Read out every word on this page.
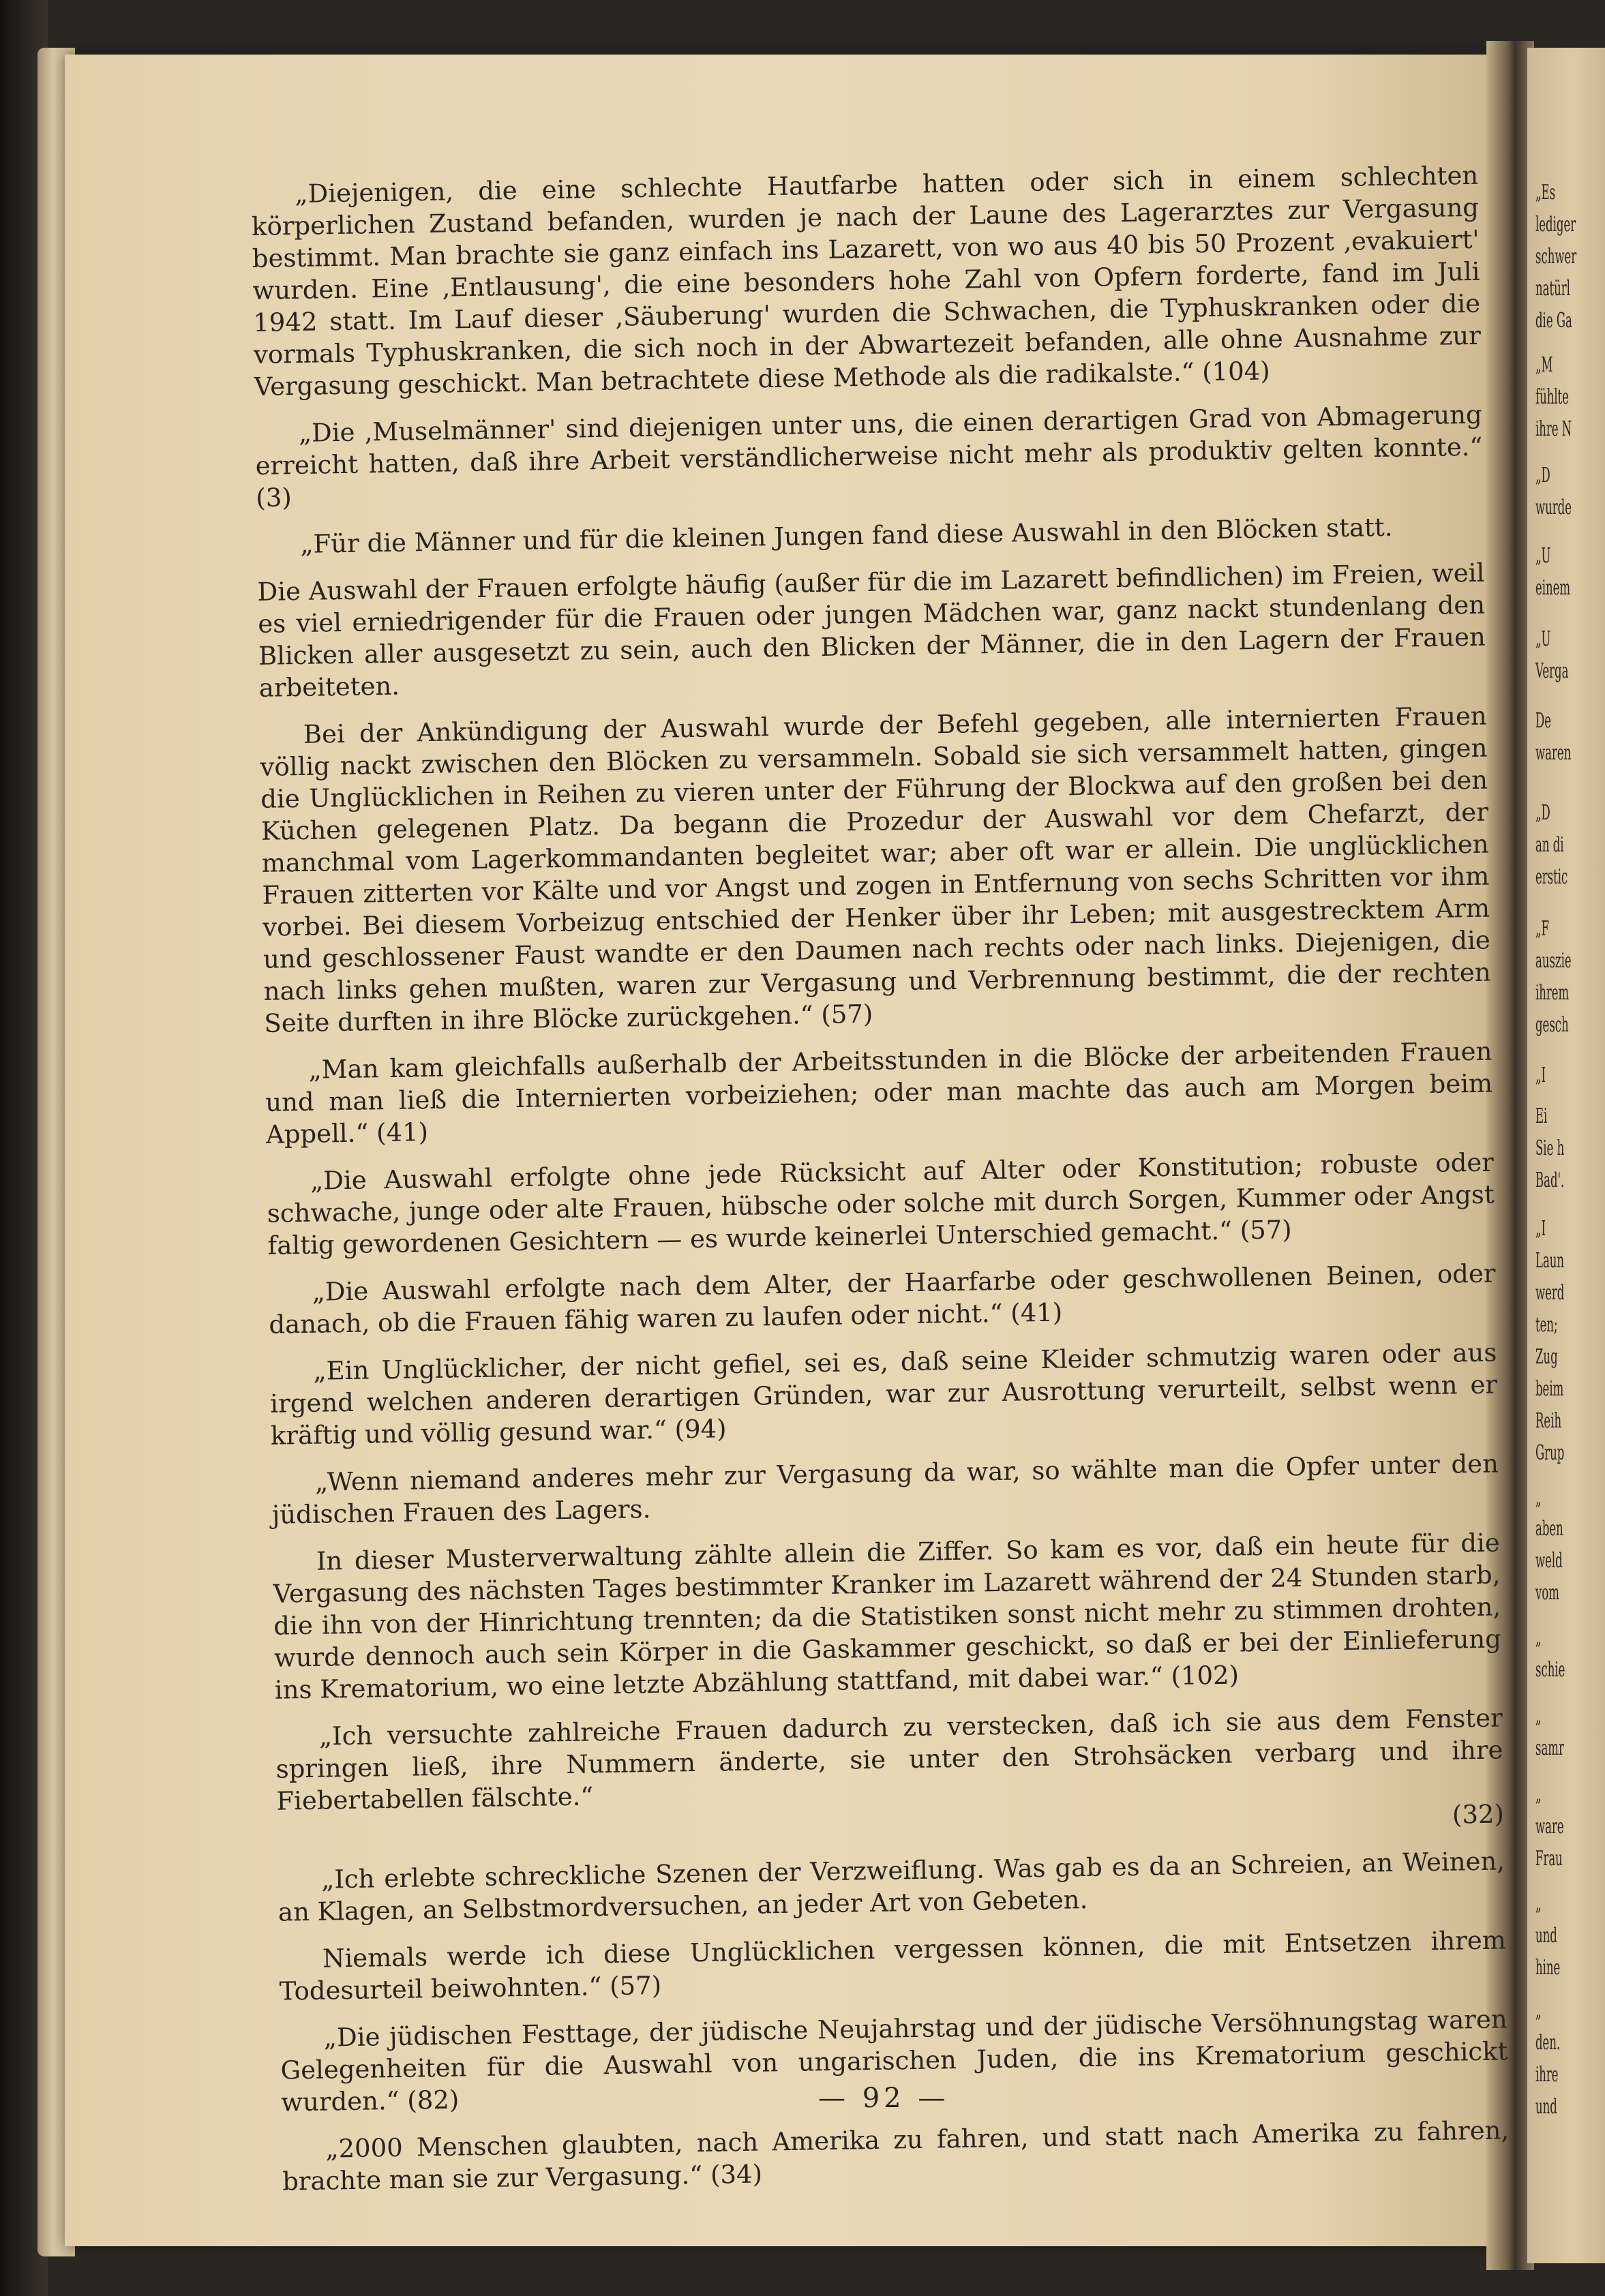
„Es
lediger
schwer
natürl
die Ga
„M
fühlte
ihre N
„D
wurde
„U
einem
„U
Verga
De
waren
„D
an di
erstic
„F
auszie
ihrem
gesch
„I
Ei
Sie h
Bad'.
„I
Laun
werd
ten;
Zug
beim
Reih
Grup
„
aben
weld
vom
„
schie
„
samr
„
ware
Frau
„
und
hine
„
den.
ihre
und

„Diejenigen, die eine schlechte Hautfarbe hatten oder sich in einem schlechten körperlichen Zustand befanden, wurden je nach der Laune des Lagerarztes zur Vergasung bestimmt. Man brachte sie ganz einfach ins Lazarett, von wo aus 40 bis 50 Prozent ‚evakuiert' wurden. Eine ‚Entlausung', die eine besonders hohe Zahl von Opfern forderte, fand im Juli 1942 statt. Im Lauf dieser ‚Säuberung' wurden die Schwachen, die Typhuskranken oder die vormals Typhuskranken, die sich noch in der Abwartezeit befanden, alle ohne Ausnahme zur Vergasung geschickt. Man betrachtete diese Methode als die radikalste.“ (104)

„Die ‚Muselmänner' sind diejenigen unter uns, die einen derartigen Grad von Abmagerung erreicht hatten, daß ihre Arbeit verständlicherweise nicht mehr als produktiv gelten konnte.“ (3)

„Für die Männer und für die kleinen Jungen fand diese Auswahl in den Blöcken statt.

Die Auswahl der Frauen erfolgte häufig (außer für die im Lazarett befindlichen) im Freien, weil es viel erniedrigender für die Frauen oder jungen Mädchen war, ganz nackt stundenlang den Blicken aller ausgesetzt zu sein, auch den Blicken der Männer, die in den Lagern der Frauen arbeiteten.

Bei der Ankündigung der Auswahl wurde der Befehl gegeben, alle internierten Frauen völlig nackt zwischen den Blöcken zu versammeln. Sobald sie sich versammelt hatten, gingen die Unglücklichen in Reihen zu vieren unter der Führung der Blockwa auf den großen bei den Küchen gelegenen Platz. Da begann die Prozedur der Auswahl vor dem Chefarzt, der manchmal vom Lagerkommandanten begleitet war; aber oft war er allein. Die unglücklichen Frauen zitterten vor Kälte und vor Angst und zogen in Entfernung von sechs Schritten vor ihm vorbei. Bei diesem Vorbeizug entschied der Henker über ihr Leben; mit ausgestrecktem Arm und geschlossener Faust wandte er den Daumen nach rechts oder nach links. Diejenigen, die nach links gehen mußten, waren zur Vergasung und Verbrennung bestimmt, die der rechten Seite durften in ihre Blöcke zurückgehen.“ (57)

„Man kam gleichfalls außerhalb der Arbeitsstunden in die Blöcke der arbeitenden Frauen und man ließ die Internierten vorbeiziehen; oder man machte das auch am Morgen beim Appell.“ (41)

„Die Auswahl erfolgte ohne jede Rücksicht auf Alter oder Konstitution; robuste oder schwache, junge oder alte Frauen, hübsche oder solche mit durch Sorgen, Kummer oder Angst faltig gewordenen Gesichtern — es wurde keinerlei Unterschied gemacht.“ (57)

„Die Auswahl erfolgte nach dem Alter, der Haarfarbe oder geschwollenen Beinen, oder danach, ob die Frauen fähig waren zu laufen oder nicht.“ (41)

„Ein Unglücklicher, der nicht gefiel, sei es, daß seine Kleider schmutzig waren oder aus irgend welchen anderen derartigen Gründen, war zur Ausrottung verurteilt, selbst wenn er kräftig und völlig gesund war.“ (94)

„Wenn niemand anderes mehr zur Vergasung da war, so wählte man die Opfer unter den jüdischen Frauen des Lagers.

In dieser Musterverwaltung zählte allein die Ziffer. So kam es vor, daß ein heute für die Vergasung des nächsten Tages bestimmter Kranker im Lazarett während der 24 Stunden starb, die ihn von der Hinrichtung trennten; da die Statistiken sonst nicht mehr zu stimmen drohten, wurde dennoch auch sein Körper in die Gaskammer geschickt, so daß er bei der Einlieferung ins Krematorium, wo eine letzte Abzählung stattfand, mit dabei war.“ (102)

„Ich versuchte zahlreiche Frauen dadurch zu verstecken, daß ich sie aus dem Fenster springen ließ, ihre Nummern änderte, sie unter den Strohsäcken verbarg und ihre Fiebertabellen fälschte.“	(32)

„Ich erlebte schreckliche Szenen der Verzweiflung. Was gab es da an Schreien, an Weinen, an Klagen, an Selbstmordversuchen, an jeder Art von Gebeten.

Niemals werde ich diese Unglücklichen vergessen können, die mit Entsetzen ihrem Todesurteil beiwohnten.“ (57)

„Die jüdischen Festtage, der jüdische Neujahrstag und der jüdische Versöhnungstag waren Gelegenheiten für die Auswahl von ungarischen Juden, die ins Krematorium geschickt wurden.“ (82)

„2000 Menschen glaubten, nach Amerika zu fahren, und statt nach Amerika zu fahren, brachte man sie zur Vergasung.“ (34)

— 92 —
